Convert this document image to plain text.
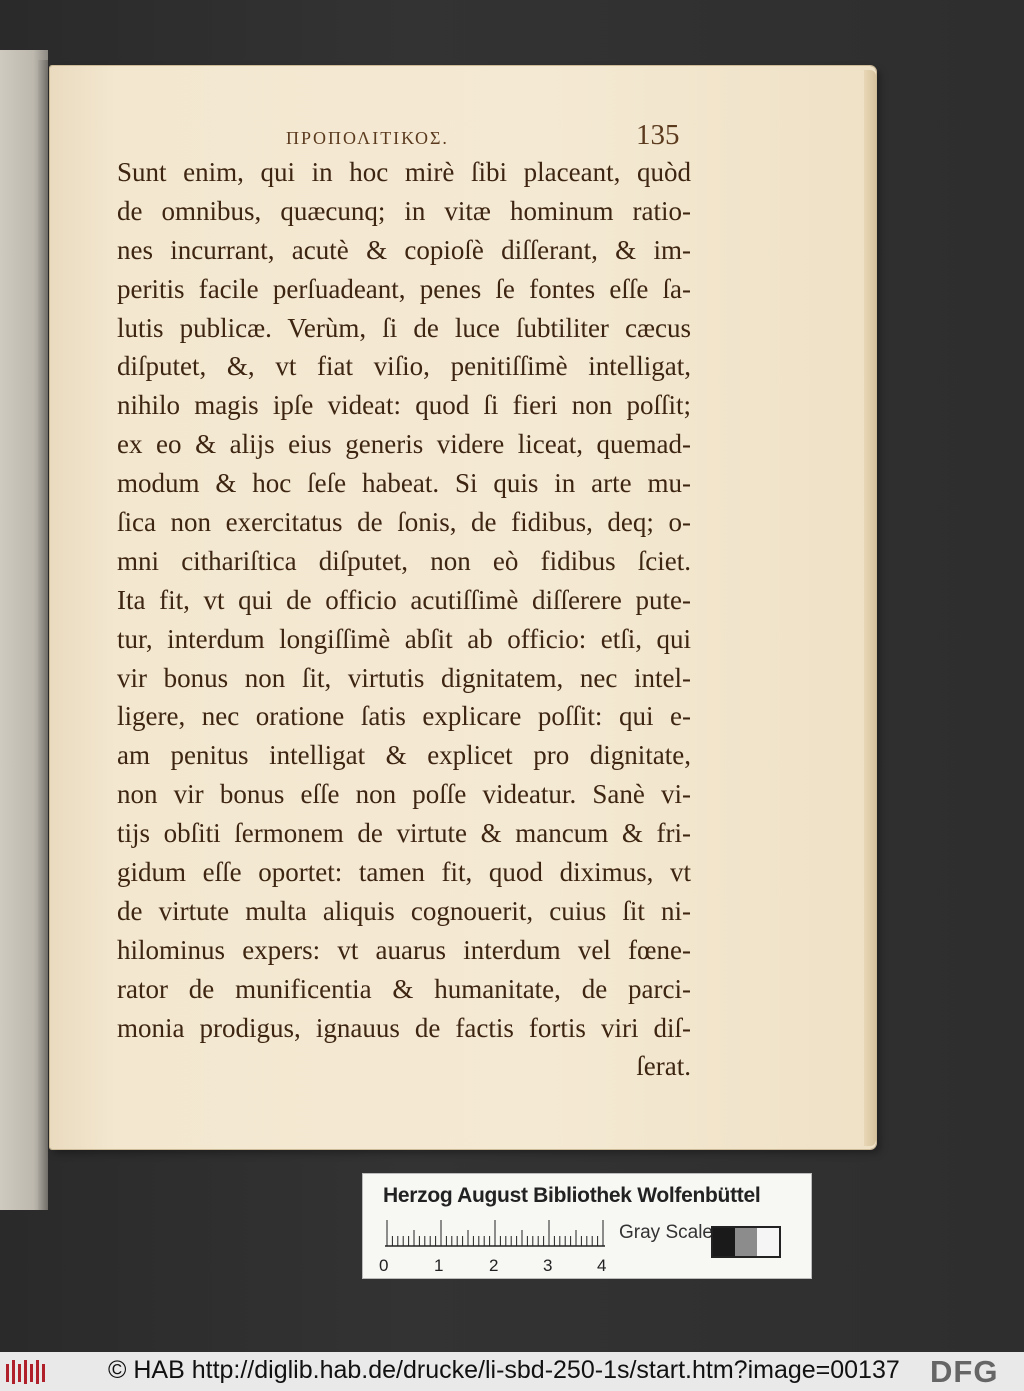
ΠΡΟΠΟΛΙΤΙΚΟΣ.	135
Sunt enim, qui in hoc mirè ſibi placeant, quòd
de omnibus, quæcunq; in vitæ hominum ratio-
nes incurrant, acutè & copioſè diſſerant, & im-
peritis facile perſuadeant, penes ſe fontes eſſe ſa-
lutis publicæ. Verùm, ſi de luce ſubtiliter cæcus
diſputet, &, vt fiat viſio, penitiſſimè intelligat,
nihilo magis ipſe videat: quod ſi fieri non poſſit;
ex eo & alijs eius generis videre liceat, quemad-
modum & hoc ſeſe habeat. Si quis in arte mu-
ſica non exercitatus de ſonis, de fidibus, deq; o-
mni cithariſtica diſputet, non eò fidibus ſciet.
Ita fit, vt qui de officio acutiſſimè diſſerere pute-
tur, interdum longiſſimè abſit ab officio: etſi, qui
vir bonus non ſit, virtutis dignitatem, nec intel-
ligere, nec oratione ſatis explicare poſſit: qui e-
am penitus intelligat & explicet pro dignitate,
non vir bonus eſſe non poſſe videatur. Sanè vi-
tijs obſiti ſermonem de virtute & mancum & fri-
gidum eſſe oportet: tamen fit, quod diximus, vt
de virtute multa aliquis cognouerit, cuius ſit ni-
hilominus expers: vt auarus interdum vel fœne-
rator de munificentia & humanitate, de parci-
monia prodigus, ignauus de factis fortis viri diſ-
ſerat.
Herzog August Bibliothek Wolfenbüttel
0	1	2	3	4
Gray Scale
© HAB http://diglib.hab.de/drucke/li-sbd-250-1s/start.htm?image=00137 DFG
